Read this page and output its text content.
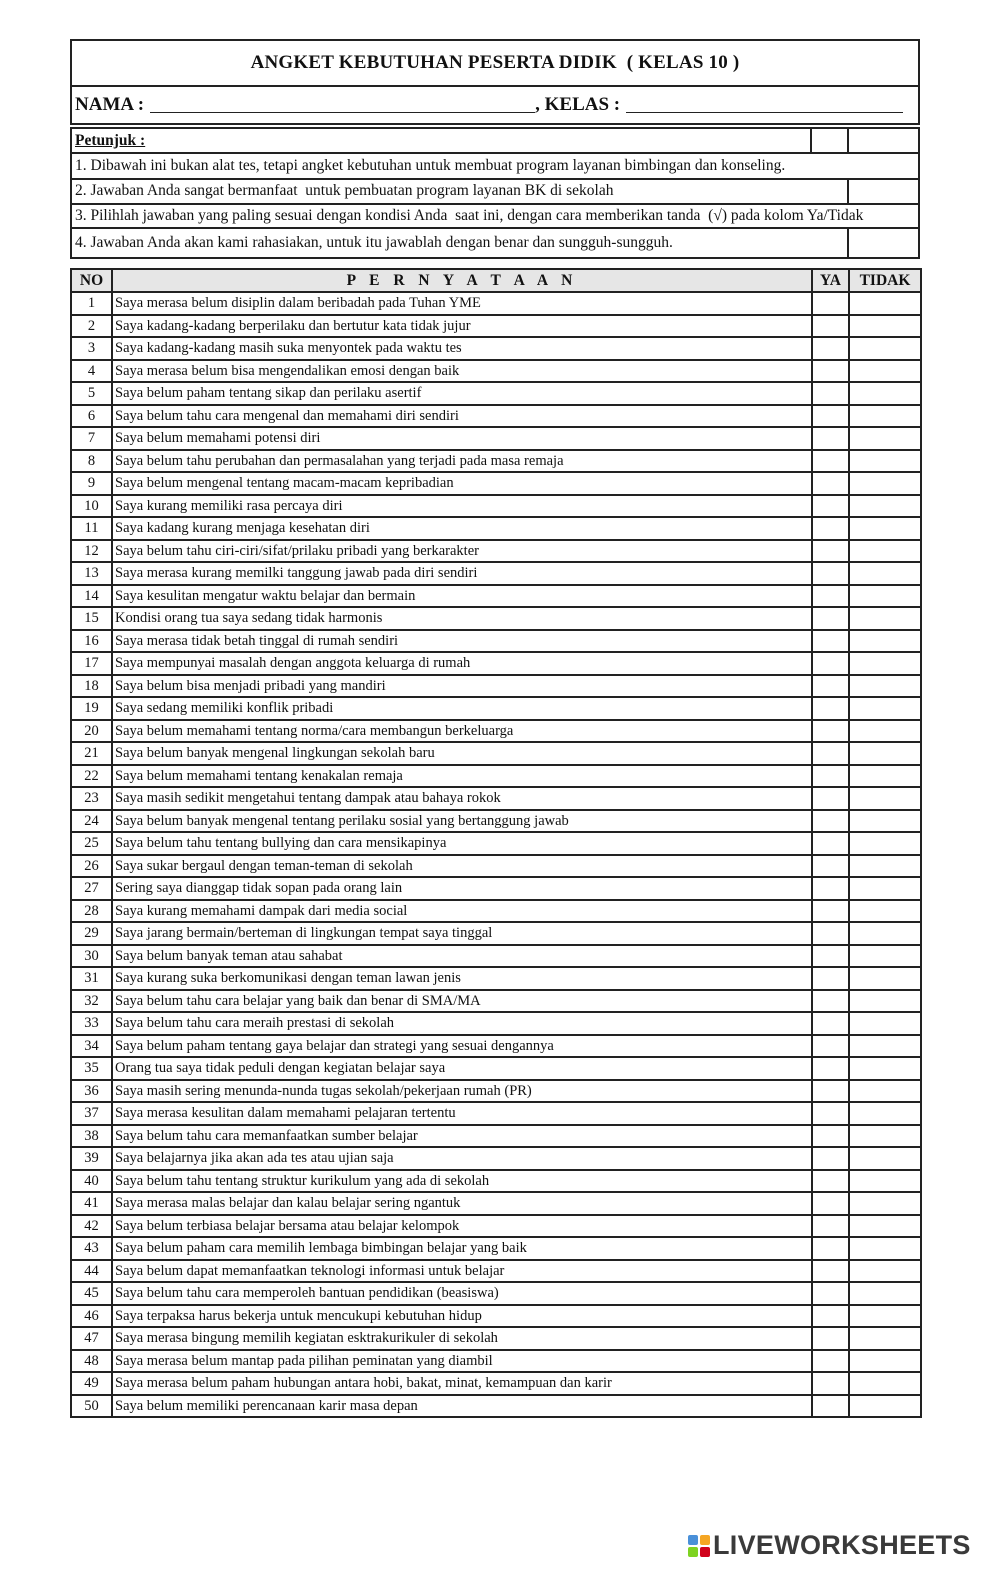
ANGKET KEBUTUHAN PESERTA DIDIK  ( KELAS 10 )
NAMA :	, KELAS :
Petunjuk :
1. Dibawah ini bukan alat tes, tetapi angket kebutuhan untuk membuat program layanan bimbingan dan konseling.
2. Jawaban Anda sangat bermanfaat  untuk pembuatan program layanan BK di sekolah
3. Pilihlah jawaban yang paling sesuai dengan kondisi Anda  saat ini, dengan cara memberikan tanda  (√) pada kolom Ya/Tidak
4. Jawaban Anda akan kami rahasiakan, untuk itu jawablah dengan benar dan sungguh-sungguh.
NO	P E R N Y A T A A N	YA	TIDAK
1	Saya merasa belum disiplin dalam beribadah pada Tuhan YME		
2	Saya kadang-kadang berperilaku dan bertutur kata tidak jujur		
3	Saya kadang-kadang masih suka menyontek pada waktu tes		
4	Saya merasa belum bisa mengendalikan emosi dengan baik		
5	Saya belum paham tentang sikap dan perilaku asertif		
6	Saya belum tahu cara mengenal dan memahami diri sendiri		
7	Saya belum memahami potensi diri		
8	Saya belum tahu perubahan dan permasalahan yang terjadi pada masa remaja		
9	Saya belum mengenal tentang macam-macam kepribadian		
10	Saya kurang memiliki rasa percaya diri		
11	Saya kadang kurang menjaga kesehatan diri		
12	Saya belum tahu ciri-ciri/sifat/prilaku pribadi yang berkarakter		
13	Saya merasa kurang memilki tanggung jawab pada diri sendiri		
14	Saya kesulitan mengatur waktu belajar dan bermain		
15	Kondisi orang tua saya sedang tidak harmonis		
16	Saya merasa tidak betah tinggal di rumah sendiri		
17	Saya mempunyai masalah dengan anggota keluarga di rumah		
18	Saya belum bisa menjadi pribadi yang mandiri		
19	Saya sedang memiliki konflik pribadi		
20	Saya belum memahami tentang norma/cara membangun berkeluarga		
21	Saya belum banyak mengenal lingkungan sekolah baru		
22	Saya belum memahami tentang kenakalan remaja		
23	Saya masih sedikit mengetahui tentang dampak atau bahaya rokok		
24	Saya belum banyak mengenal tentang perilaku sosial yang bertanggung jawab		
25	Saya belum tahu tentang bullying dan cara mensikapinya		
26	Saya sukar bergaul dengan teman-teman di sekolah		
27	Sering saya dianggap tidak sopan pada orang lain		
28	Saya kurang memahami dampak dari media social		
29	Saya jarang bermain/berteman di lingkungan tempat saya tinggal		
30	Saya belum banyak teman atau sahabat		
31	Saya kurang suka berkomunikasi dengan teman lawan jenis		
32	Saya belum tahu cara belajar yang baik dan benar di SMA/MA		
33	Saya belum tahu cara meraih prestasi di sekolah		
34	Saya belum paham tentang gaya belajar dan strategi yang sesuai dengannya		
35	Orang tua saya tidak peduli dengan kegiatan belajar saya		
36	Saya masih sering menunda-nunda tugas sekolah/pekerjaan rumah (PR)		
37	Saya merasa kesulitan dalam memahami pelajaran tertentu		
38	Saya belum tahu cara memanfaatkan sumber belajar		
39	Saya belajarnya jika akan ada tes atau ujian saja		
40	Saya belum tahu tentang struktur kurikulum yang ada di sekolah		
41	Saya merasa malas belajar dan kalau belajar sering ngantuk		
42	Saya belum terbiasa belajar bersama atau belajar kelompok		
43	Saya belum paham cara memilih lembaga bimbingan belajar yang baik		
44	Saya belum dapat memanfaatkan teknologi informasi untuk belajar		
45	Saya belum tahu cara memperoleh bantuan pendidikan (beasiswa)		
46	Saya terpaksa harus bekerja untuk mencukupi kebutuhan hidup		
47	Saya merasa bingung memilih kegiatan esktrakurikuler di sekolah		
48	Saya merasa belum mantap pada pilihan peminatan yang diambil		
49	Saya merasa belum paham hubungan antara hobi, bakat, minat, kemampuan dan karir		
50	Saya belum memiliki perencanaan karir masa depan		
LIVEWORKSHEETS
